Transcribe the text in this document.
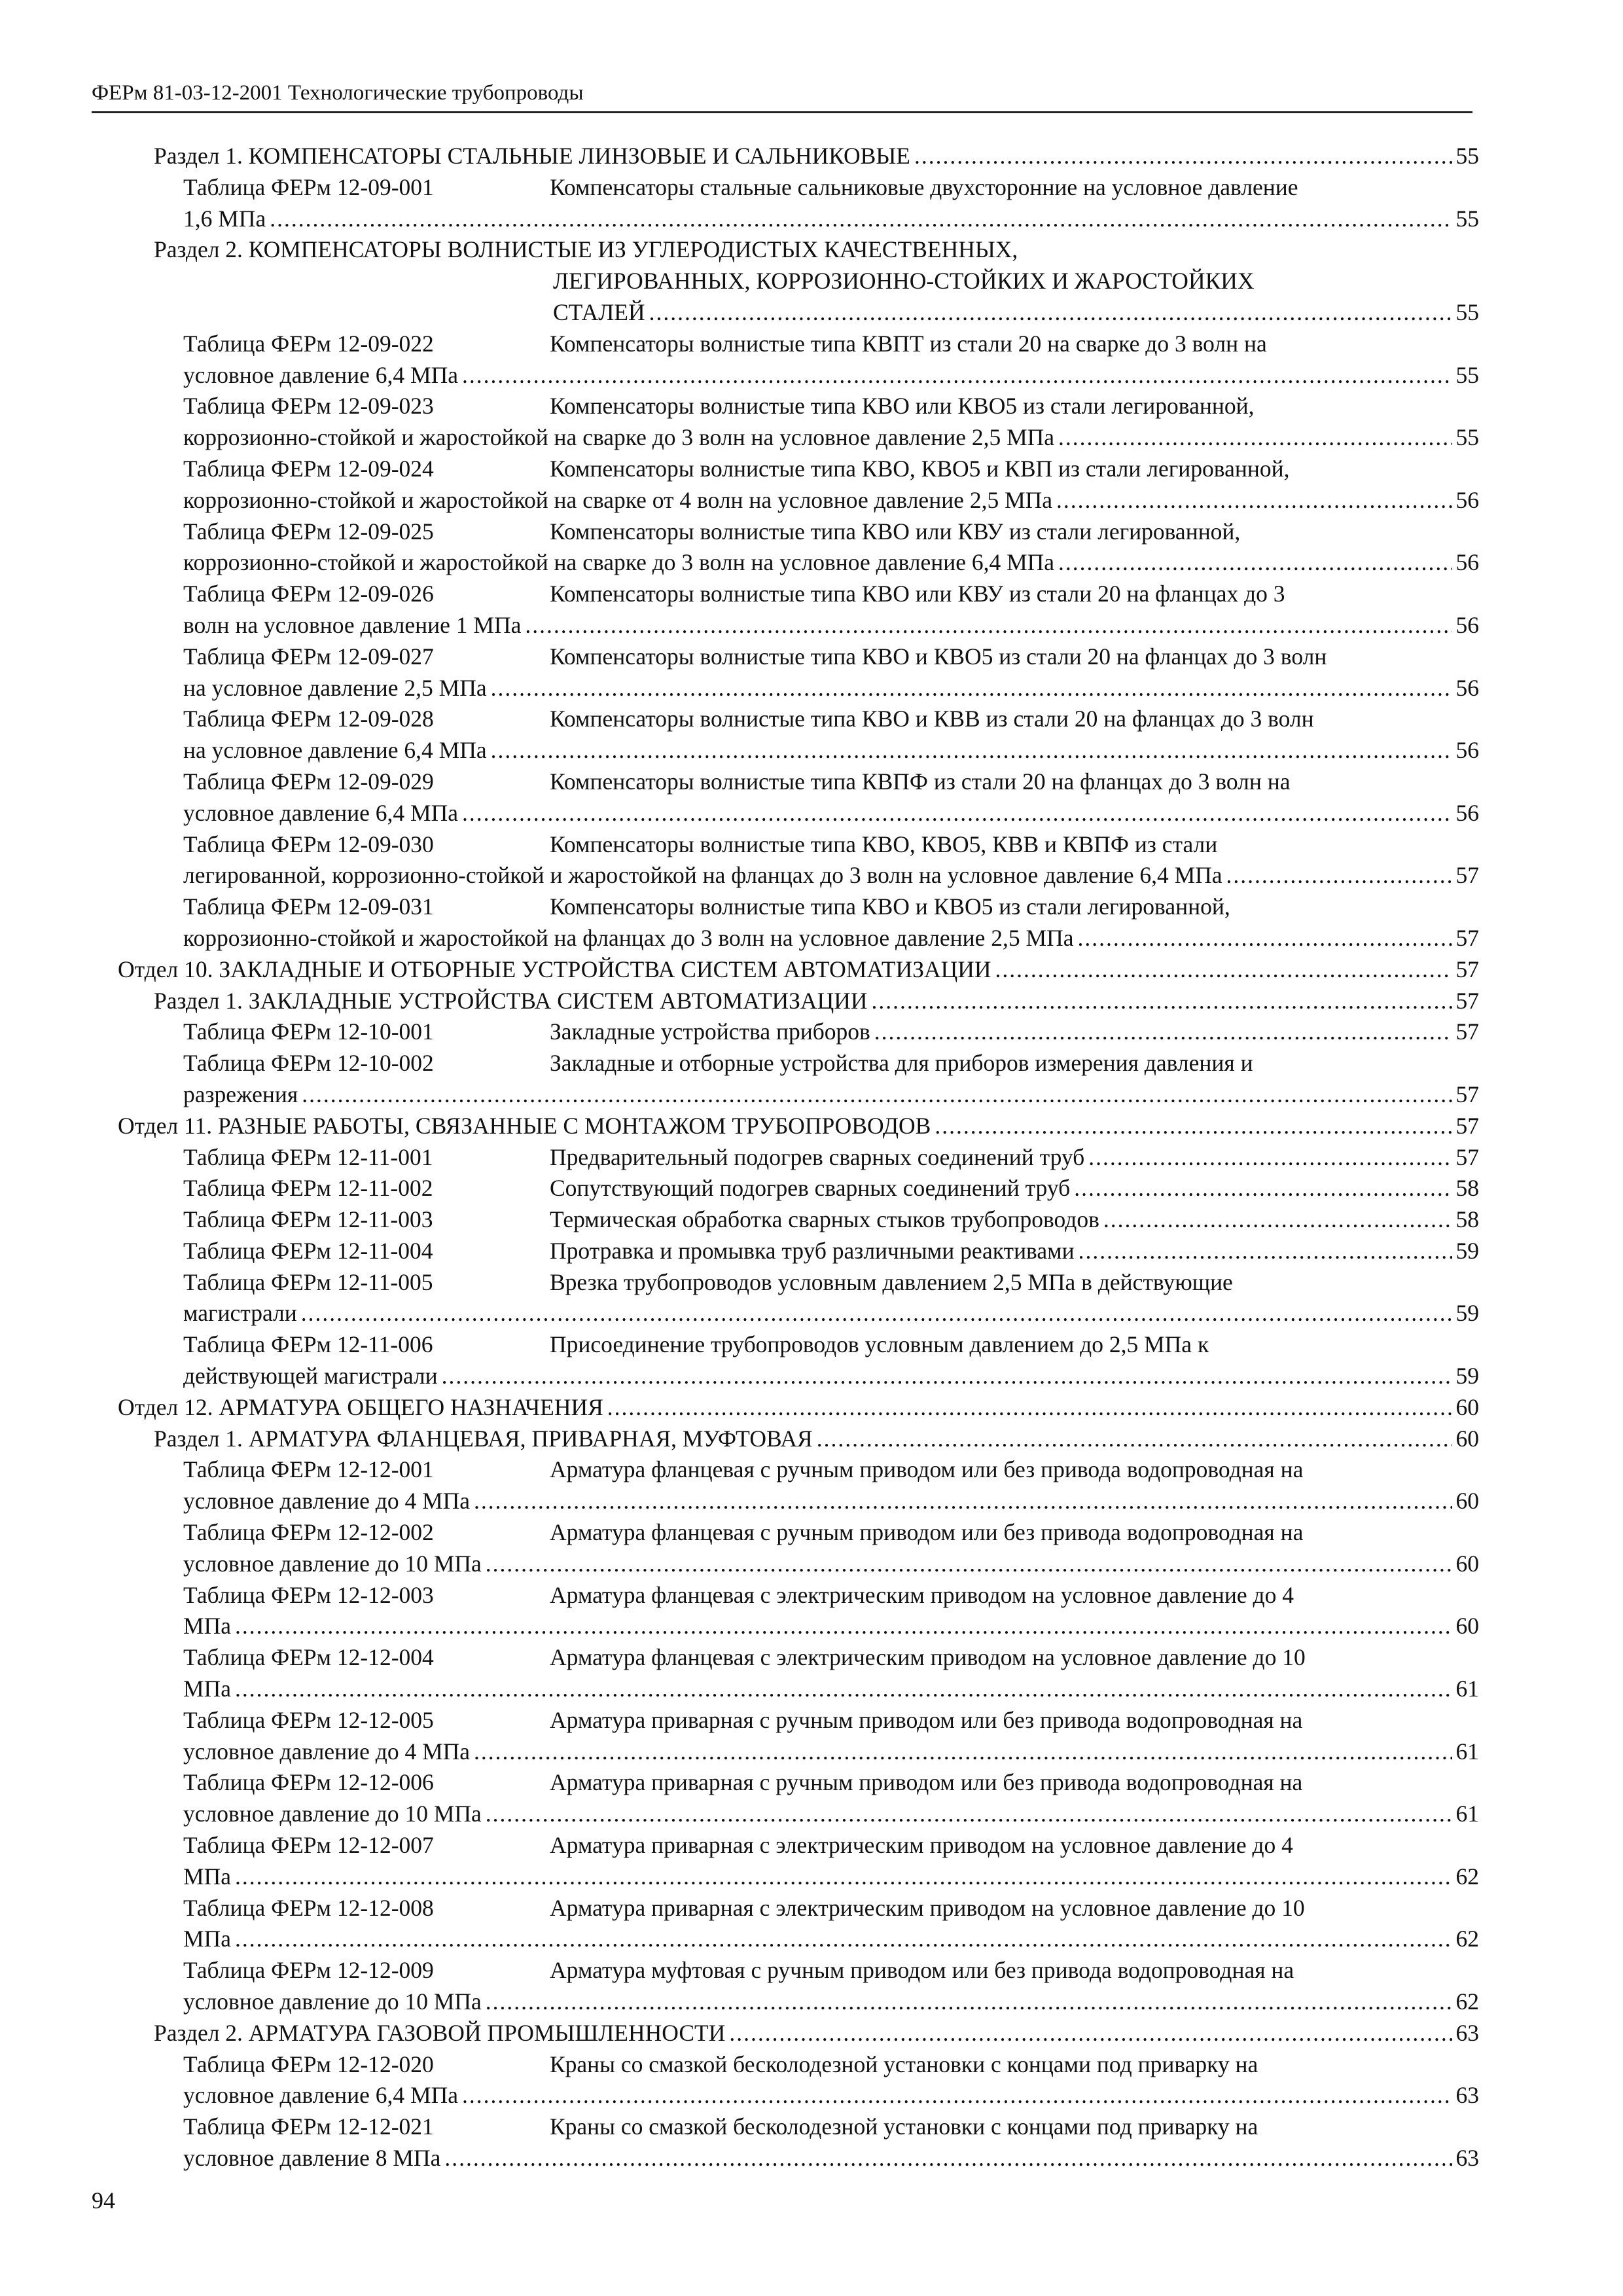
ФЕРм 81-03-12-2001 Технологические трубопроводы
Раздел 1. КОМПЕНСАТОРЫ СТАЛЬНЫЕ ЛИНЗОВЫЕ И САЛЬНИКОВЫЕ .....	55
Таблица ФЕРм 12-09-001	Компенсаторы стальные сальниковые двухсторонние на условное давление
1,6 МПа .....	55
Раздел 2. КОМПЕНСАТОРЫ ВОЛНИСТЫЕ ИЗ УГЛЕРОДИСТЫХ КАЧЕСТВЕННЫХ,
ЛЕГИРОВАННЫХ, КОРРОЗИОННО-СТОЙКИХ И ЖАРОСТОЙКИХ
СТАЛЕЙ .....	55
Таблица ФЕРм 12-09-022	Компенсаторы волнистые типа КВПТ из стали 20 на сварке до 3 волн на
условное давление 6,4 МПа .....	55
Таблица ФЕРм 12-09-023	Компенсаторы волнистые типа КВО или КВО5 из стали легированной,
коррозионно-стойкой и жаростойкой на сварке до 3 волн на условное давление 2,5 МПа .....	55
Таблица ФЕРм 12-09-024	Компенсаторы волнистые типа КВО, КВО5 и КВП из стали легированной,
коррозионно-стойкой и жаростойкой на сварке от 4 волн на условное давление 2,5 МПа .....	56
Таблица ФЕРм 12-09-025	Компенсаторы волнистые типа КВО или КВУ из стали легированной,
коррозионно-стойкой и жаростойкой на сварке до 3 волн на условное давление 6,4 МПа .....	56
Таблица ФЕРм 12-09-026	Компенсаторы волнистые типа КВО или КВУ из стали 20 на фланцах до 3
волн на условное давление 1 МПа .....	56
Таблица ФЕРм 12-09-027	Компенсаторы волнистые типа КВО и КВО5 из стали 20 на фланцах до 3 волн
на условное давление 2,5 МПа .....	56
Таблица ФЕРм 12-09-028	Компенсаторы волнистые типа КВО и КВВ из стали 20 на фланцах до 3 волн
на условное давление 6,4 МПа .....	56
Таблица ФЕРм 12-09-029	Компенсаторы волнистые типа КВПФ из стали 20 на фланцах до 3 волн на
условное давление 6,4 МПа .....	56
Таблица ФЕРм 12-09-030	Компенсаторы волнистые типа КВО, КВО5, КВВ и КВПФ из стали
легированной, коррозионно-стойкой и жаростойкой на фланцах до 3 волн на условное давление 6,4 МПа .....	57
Таблица ФЕРм 12-09-031	Компенсаторы волнистые типа КВО и КВО5 из стали легированной,
коррозионно-стойкой и жаростойкой на фланцах до 3 волн на условное давление 2,5 МПа .....	57
Отдел 10. ЗАКЛАДНЫЕ И ОТБОРНЫЕ УСТРОЙСТВА СИСТЕМ АВТОМАТИЗАЦИИ .....	57
Раздел 1. ЗАКЛАДНЫЕ УСТРОЙСТВА СИСТЕМ АВТОМАТИЗАЦИИ .....	57
Таблица ФЕРм 12-10-001	Закладные устройства приборов .....	57
Таблица ФЕРм 12-10-002	Закладные и отборные устройства для приборов измерения давления и
разрежения .....	57
Отдел 11. РАЗНЫЕ РАБОТЫ, СВЯЗАННЫЕ С МОНТАЖОМ ТРУБОПРОВОДОВ .....	57
Таблица ФЕРм 12-11-001	Предварительный подогрев сварных соединений труб .....	57
Таблица ФЕРм 12-11-002	Сопутствующий подогрев сварных соединений труб .....	58
Таблица ФЕРм 12-11-003	Термическая обработка сварных стыков трубопроводов .....	58
Таблица ФЕРм 12-11-004	Протравка и промывка труб различными реактивами .....	59
Таблица ФЕРм 12-11-005	Врезка трубопроводов условным давлением 2,5 МПа в действующие
магистрали .....	59
Таблица ФЕРм 12-11-006	Присоединение трубопроводов условным давлением до 2,5 МПа к
действующей магистрали .....	59
Отдел 12. АРМАТУРА ОБЩЕГО НАЗНАЧЕНИЯ .....	60
Раздел 1. АРМАТУРА ФЛАНЦЕВАЯ, ПРИВАРНАЯ, МУФТОВАЯ .....	60
Таблица ФЕРм 12-12-001	Арматура фланцевая с ручным приводом или без привода водопроводная на
условное давление до 4 МПа .....	60
Таблица ФЕРм 12-12-002	Арматура фланцевая с ручным приводом или без привода водопроводная на
условное давление до 10 МПа .....	60
Таблица ФЕРм 12-12-003	Арматура фланцевая с электрическим приводом на условное давление до 4
МПа .....	60
Таблица ФЕРм 12-12-004	Арматура фланцевая с электрическим приводом на условное давление до 10
МПа .....	61
Таблица ФЕРм 12-12-005	Арматура приварная с ручным приводом или без привода водопроводная на
условное давление до 4 МПа .....	61
Таблица ФЕРм 12-12-006	Арматура приварная с ручным приводом или без привода водопроводная на
условное давление до 10 МПа .....	61
Таблица ФЕРм 12-12-007	Арматура приварная с электрическим приводом на условное давление до 4
МПа .....	62
Таблица ФЕРм 12-12-008	Арматура приварная с электрическим приводом на условное давление до 10
МПа .....	62
Таблица ФЕРм 12-12-009	Арматура муфтовая с ручным приводом или без привода водопроводная на
условное давление до 10 МПа .....	62
Раздел 2. АРМАТУРА ГАЗОВОЙ ПРОМЫШЛЕННОСТИ .....	63
Таблица ФЕРм 12-12-020	Краны со смазкой бесколодезной установки с концами под приварку на
условное давление 6,4 МПа .....	63
Таблица ФЕРм 12-12-021	Краны со смазкой бесколодезной установки с концами под приварку на
условное давление 8 МПа .....	63
94
